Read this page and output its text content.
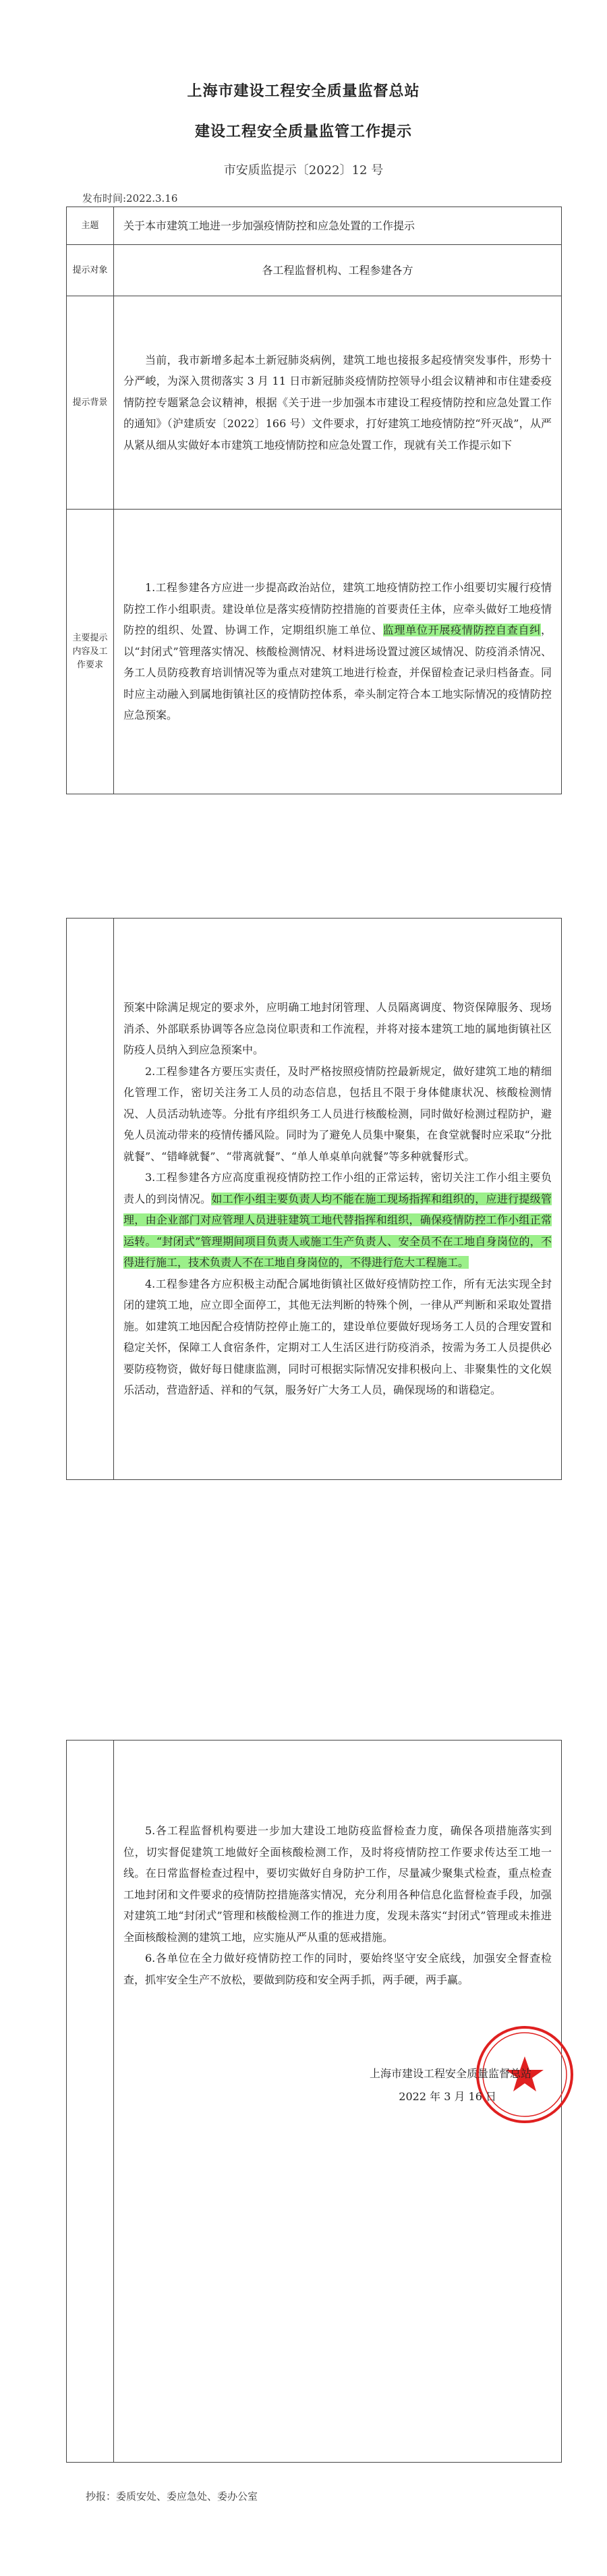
上海市建设工程安全质量监督总站
建设工程安全质量监管工作提示
市安质监提示〔2022〕12 号
发布时间:2022.3.16
主题	关于本市建筑工地进一步加强疫情防控和应急处置的工作提示

提示对象	各工程监督机构、工程参建各方
提示背景	当前，我市新增多起本土新冠肺炎病例，建筑工地也接报多起疫情突发事件，形势十分严峻，为深入贯彻落实 3 月 11 日市新冠肺炎疫情防控领导小组会议精神和市住建委疫情防控专题紧急会议精神，根据《关于进一步加强本市建设工程疫情防控和应急处置工作的通知》（沪建质安〔2022〕166 号）文件要求，打好建筑工地疫情防控“歼灭战”，从严从紧从细从实做好本市建筑工地疫情防控和应急处置工作，现就有关工作提示如下

主要提示内容及工作要求	1.工程参建各方应进一步提高政治站位，建筑工地疫情防控工作小组要切实履行疫情防控工作小组职责。建设单位是落实疫情防控措施的首要责任主体，应牵头做好工地疫情防控的组织、处置、协调工作，定期组织施工单位、监理单位开展疫情防控自查自纠，以“封闭式”管理落实情况、核酸检测情况、材料进场设置过渡区域情况、防疫消杀情况、务工人员防疫教育培训情况等为重点对建筑工地进行检查，并保留检查记录归档备查。同时应主动融入到属地街镇社区的疫情防控体系，牵头制定符合本工地实际情况的疫情防控应急预案。

预案中除满足规定的要求外，应明确工地封闭管理、人员隔离调度、物资保障服务、现场消杀、外部联系协调等各应急岗位职责和工作流程，并将对接本建筑工地的属地街镇社区防疫人员纳入到应急预案中。

2.工程参建各方要压实责任，及时严格按照疫情防控最新规定，做好建筑工地的精细化管理工作，密切关注务工人员的动态信息，包括且不限于身体健康状况、核酸检测情况、人员活动轨迹等。分批有序组织务工人员进行核酸检测，同时做好检测过程防护，避免人员流动带来的疫情传播风险。同时为了避免人员集中聚集，在食堂就餐时应采取“分批就餐”、“错峰就餐”、“带离就餐”、“单人单桌单向就餐”等多种就餐形式。

3.工程参建各方应高度重视疫情防控工作小组的正常运转，密切关注工作小组主要负责人的到岗情况。如工作小组主要负责人均不能在施工现场指挥和组织的，应进行提级管理，由企业部门对应管理人员进驻建筑工地代替指挥和组织，确保疫情防控工作小组正常运转。“封闭式”管理期间项目负责人或施工生产负责人、安全员不在工地自身岗位的，不得进行施工，技术负责人不在工地自身岗位的，不得进行危大工程施工。

4.工程参建各方应积极主动配合属地街镇社区做好疫情防控工作，所有无法实现全封闭的建筑工地，应立即全面停工，其他无法判断的特殊个例，一律从严判断和采取处置措施。如建筑工地因配合疫情防控停止施工的，建设单位要做好现场务工人员的合理安置和稳定关怀，保障工人食宿条件，定期对工人生活区进行防疫消杀，按需为务工人员提供必要防疫物资，做好每日健康监测，同时可根据实际情况安排积极向上、非聚集性的文化娱乐活动，营造舒适、祥和的气氛，服务好广大务工人员，确保现场的和谐稳定。

5.各工程监督机构要进一步加大建设工地防疫监督检查力度，确保各项措施落实到位，切实督促建筑工地做好全面核酸检测工作，及时将疫情防控工作要求传达至工地一线。在日常监督检查过程中，要切实做好自身防护工作，尽量减少聚集式检查，重点检查工地封闭和文件要求的疫情防控措施落实情况，充分利用各种信息化监督检查手段，加强对建筑工地“封闭式”管理和核酸检测工作的推进力度，发现未落实“封闭式”管理或未推进全面核酸检测的建筑工地，应实施从严从重的惩戒措施。

6.各单位在全力做好疫情防控工作的同时，要始终坚守安全底线，加强安全督查检查，抓牢安全生产不放松，要做到防疫和安全两手抓，两手硬，两手赢。

上海市建设工程安全质量监督总站
2022 年 3 月 16 日
抄报：委质安处、委应急处、委办公室
